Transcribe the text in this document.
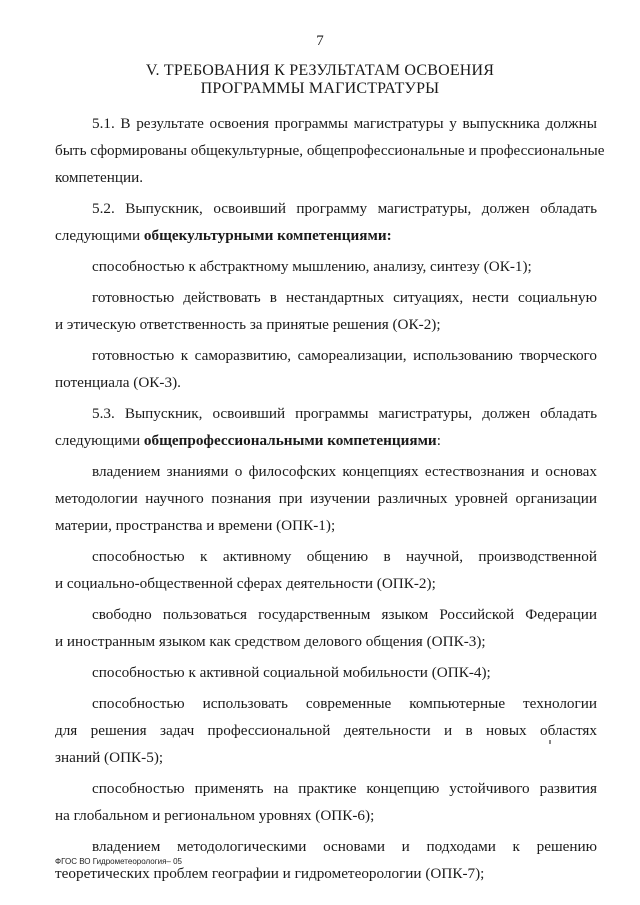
7
V. ТРЕБОВАНИЯ К РЕЗУЛЬТАТАМ ОСВОЕНИЯ
ПРОГРАММЫ МАГИСТРАТУРЫ

5.1. В результате освоения программы магистратуры у выпускника должны
быть сформированы общекультурные, общепрофессиональные и профессиональные
компетенции.

5.2. Выпускник, освоивший программу магистратуры, должен обладать
следующими общекультурными компетенциями:

способностью к абстрактному мышлению, анализу, синтезу (ОК-1);

готовностью действовать в нестандартных ситуациях, нести социальную
и этическую ответственность за принятые решения (ОК-2);

готовностью к саморазвитию, самореализации, использованию творческого
потенциала (ОК-3).

5.3. Выпускник, освоивший программы магистратуры, должен обладать
следующими общепрофессиональными компетенциями:

владением знаниями о философских концепциях естествознания и основах
методологии научного познания при изучении различных уровней организации
материи, пространства и времени (ОПК-1);

способностью к активному общению в научной, производственной
и социально-общественной сферах деятельности (ОПК-2);

свободно пользоваться государственным языком Российской Федерации
и иностранным языком как средством делового общения (ОПК-3);

способностью к активной социальной мобильности (ОПК-4);

способностью использовать современные компьютерные технологии
для решения задач профессиональной деятельности и в новых областях
знаний (ОПК-5);

способностью применять на практике концепцию устойчивого развития
на глобальном и региональном уровнях (ОПК-6);

владением методологическими основами и подходами к решению
теоретических проблем географии и гидрометеорологии (ОПК-7);

ФГОС ВО Гидрометеорология– 05
